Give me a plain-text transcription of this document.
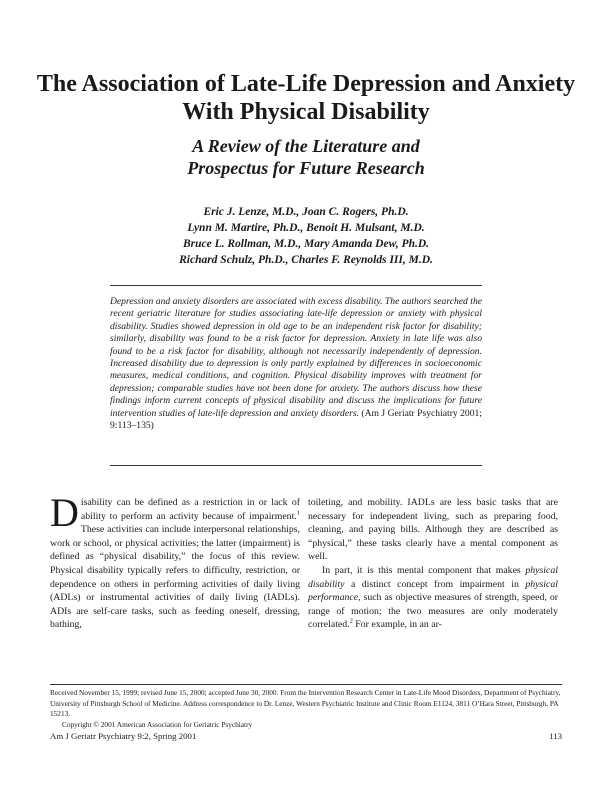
The Association of Late-Life Depression and Anxiety With Physical Disability
A Review of the Literature and
Prospectus for Future Research
Eric J. Lenze, M.D., Joan C. Rogers, Ph.D.
Lynn M. Martire, Ph.D., Benoit H. Mulsant, M.D.
Bruce L. Rollman, M.D., Mary Amanda Dew, Ph.D.
Richard Schulz, Ph.D., Charles F. Reynolds III, M.D.
Depression and anxiety disorders are associated with excess disability. The authors searched the recent geriatric literature for studies associating late-life depression or anxiety with physical disability. Studies showed depression in old age to be an independent risk factor for disability; similarly, disability was found to be a risk factor for depression. Anxiety in late life was also found to be a risk factor for disability, although not necessarily independently of depression. Increased disability due to depression is only partly explained by differences in socioeconomic measures, medical conditions, and cognition. Physical disability improves with treatment for depression; comparable studies have not been done for anxiety. The authors discuss how these findings inform current concepts of physical disability and discuss the implications for future intervention studies of late-life depression and anxiety disorders. (Am J Geriatr Psychiatry 2001; 9:113–135)

Disability can be defined as a restriction in or lack of ability to perform an activity because of impairment.$^1$ These activities can include interpersonal relationships, work or school, or physical activities; the latter (impairment) is defined as “physical disability,” the focus of this review. Physical disability typically refers to difficulty, restriction, or dependence on others in performing activities of daily living (ADLs) or instrumental activities of daily living (IADLs). ADIs are self-care tasks, such as feeding oneself, dressing, bathing,

toileting, and mobility. IADLs are less basic tasks that are necessary for independent living, such as preparing food, cleaning, and paying bills. Although they are described as “physical,” these tasks clearly have a mental component as well.

In part, it is this mental component that makes physical disability a distinct concept from impairment in physical performance, such as objective measures of strength, speed, or range of motion; the two measures are only moderately correlated.$^2$ For example, in an ar-

Received November 15, 1999; revised June 15, 2000; accepted June 30, 2000. From the Intervention Research Center in Late-Life Mood Disorders, Department of Psychiatry, University of Pittsburgh School of Medicine. Address correspondence to Dr. Lenze, Western Psychiatric Institute and Clinic Room E1124, 3811 O’Hara Street, Pittsburgh, PA 15213.
Copyright © 2001 American Association for Geriatric Psychiatry
Am J Geriatr Psychiatry 9:2, Spring 2001	113
